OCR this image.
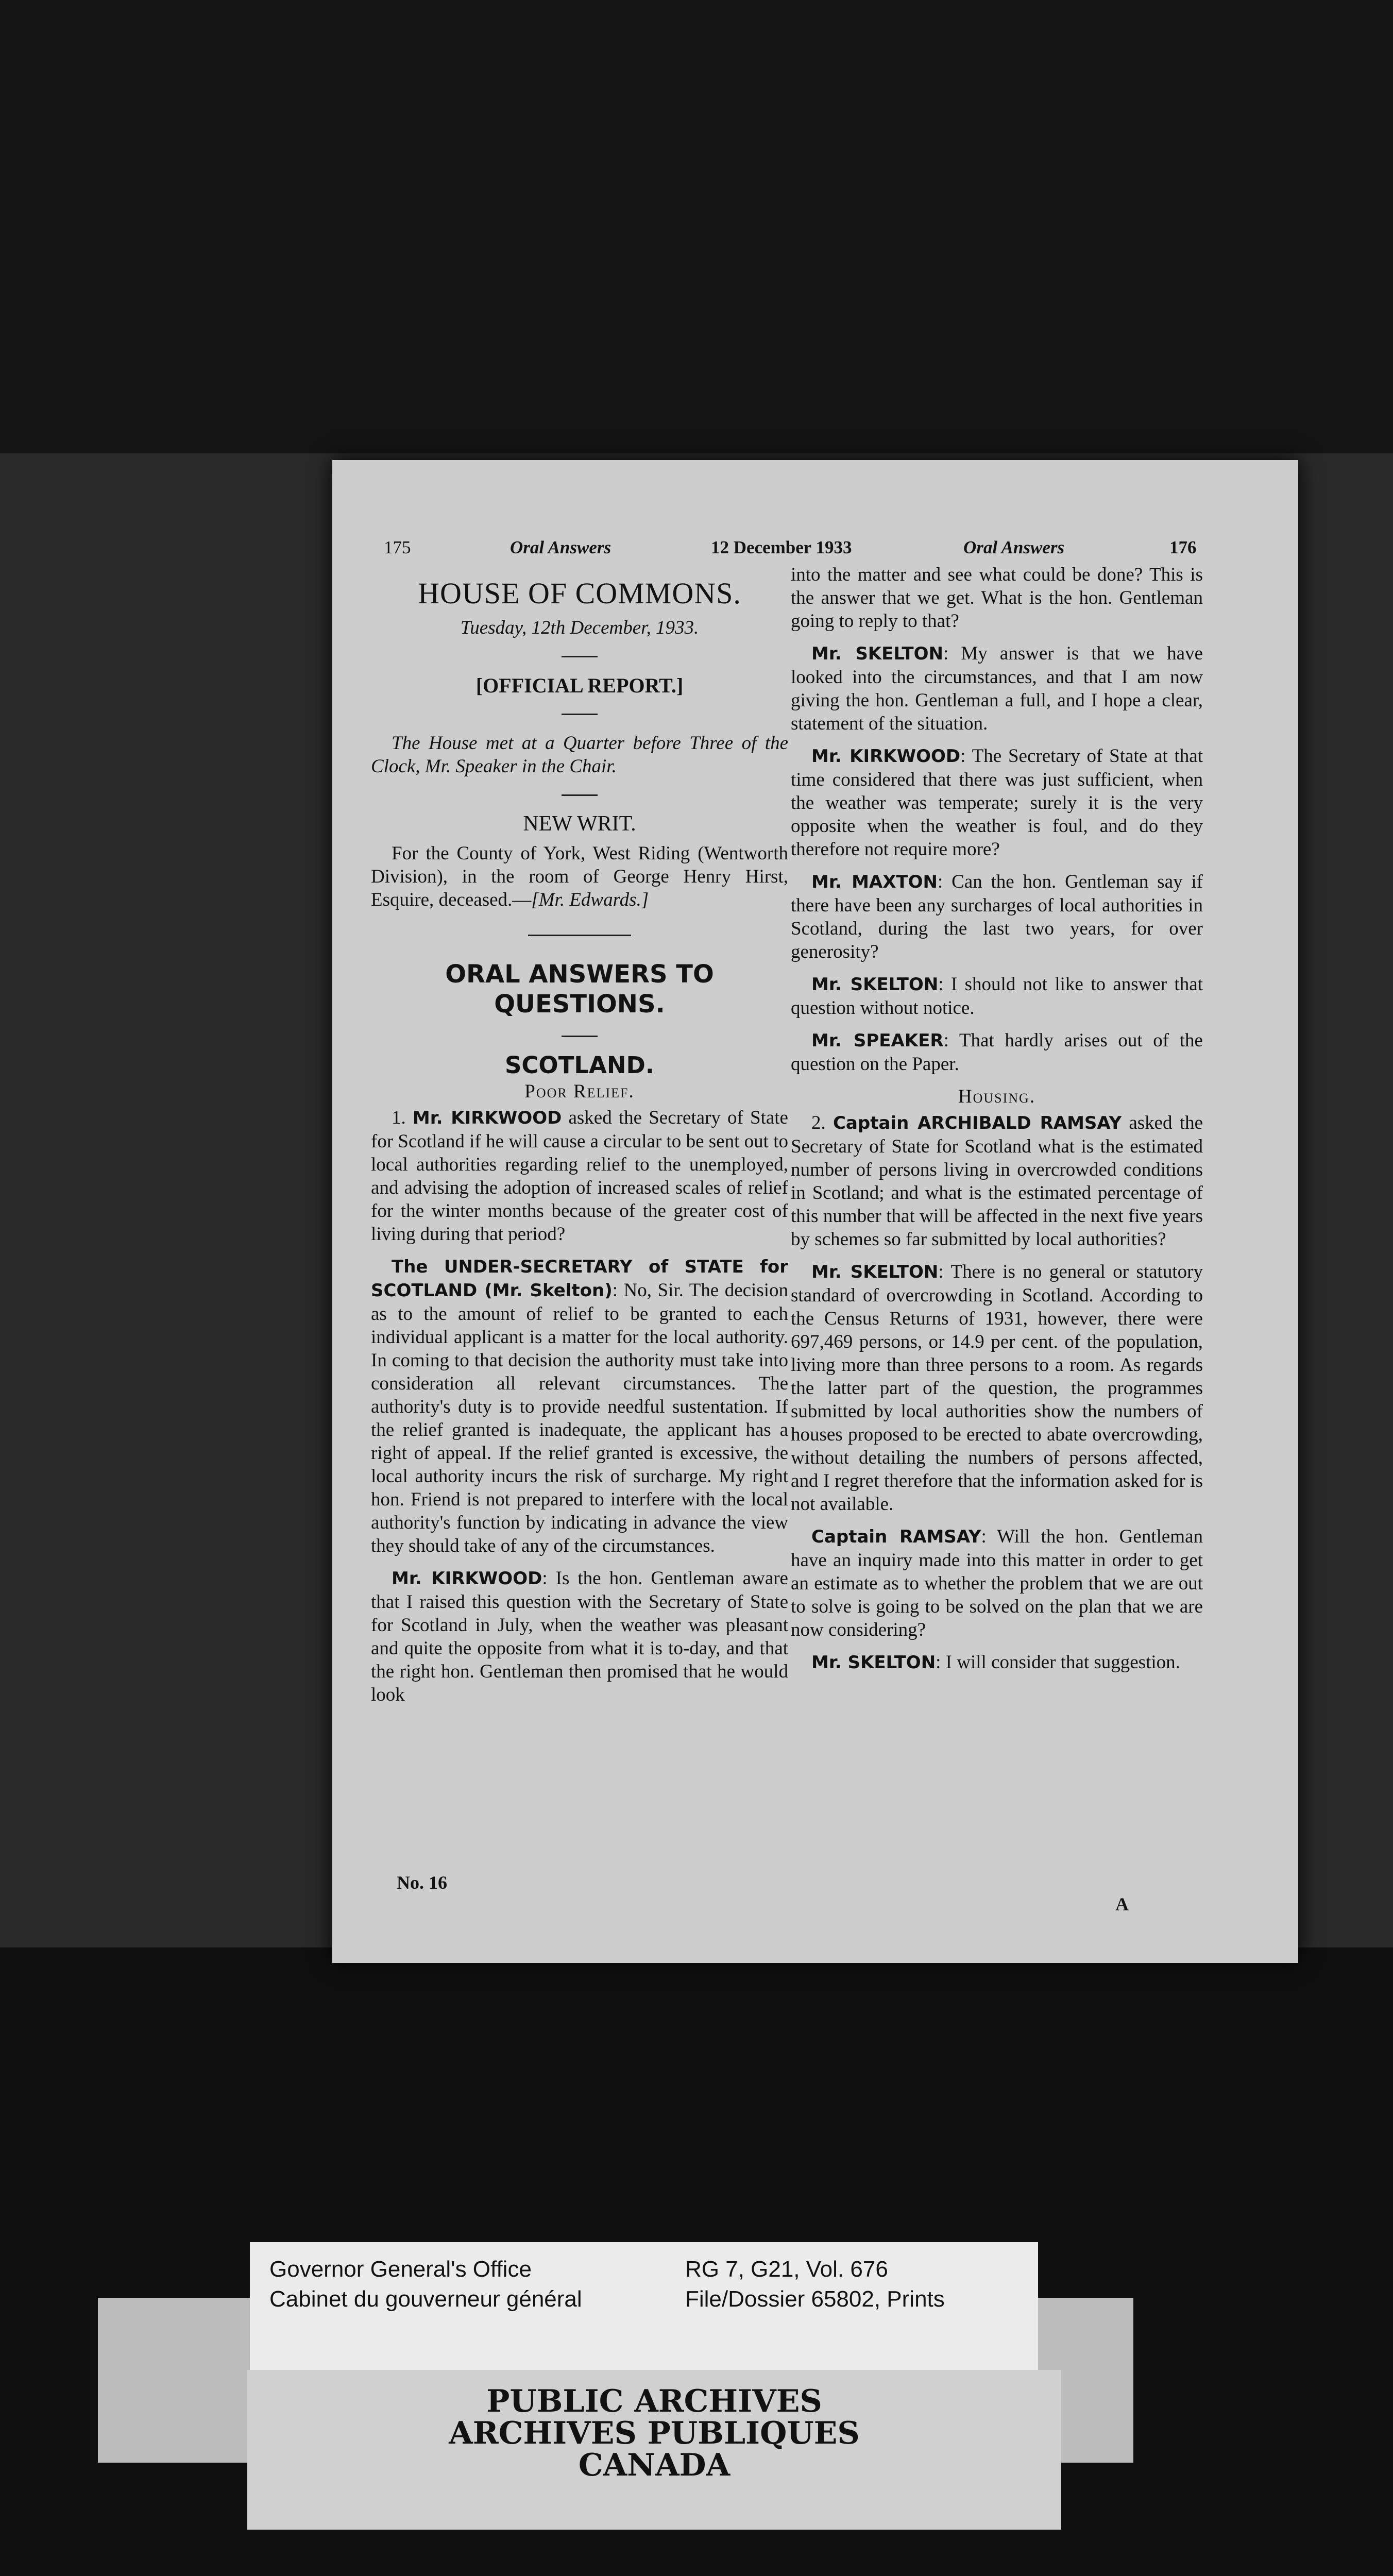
175	Oral Answers	12 December 1933	Oral Answers	176
HOUSE OF COMMONS.

Tuesday, 12th December, 1933.

[OFFICIAL REPORT.]

The House met at a Quarter before Three of the Clock, Mr. Speaker in the Chair.

NEW WRIT.

For the County of York, West Riding (Wentworth Division), in the room of George Henry Hirst, Esquire, deceased.—[Mr. Edwards.]

ORAL ANSWERS TO QUESTIONS.

SCOTLAND.

Poor Relief.

1. Mr. KIRKWOOD asked the Secretary of State for Scotland if he will cause a circular to be sent out to local authorities regarding relief to the unemployed, and advising the adoption of increased scales of relief for the winter months because of the greater cost of living during that period?

The UNDER-SECRETARY of STATE for SCOTLAND (Mr. Skelton): No, Sir. The decision as to the amount of relief to be granted to each individual applicant is a matter for the local authority. In coming to that decision the authority must take into consideration all relevant circumstances. The authority's duty is to provide needful sustentation. If the relief granted is inadequate, the applicant has a right of appeal. If the relief granted is excessive, the local authority incurs the risk of surcharge. My right hon. Friend is not prepared to interfere with the local authority's function by indicating in advance the view they should take of any of the circumstances.

Mr. KIRKWOOD: Is the hon. Gentleman aware that I raised this question with the Secretary of State for Scotland in July, when the weather was pleasant and quite the opposite from what it is to-day, and that the right hon. Gentleman then promised that he would look

No. 16

into the matter and see what could be done? This is the answer that we get. What is the hon. Gentleman going to reply to that?

Mr. SKELTON: My answer is that we have looked into the circumstances, and that I am now giving the hon. Gentleman a full, and I hope a clear, statement of the situation.

Mr. KIRKWOOD: The Secretary of State at that time considered that there was just sufficient, when the weather was temperate; surely it is the very opposite when the weather is foul, and do they therefore not require more?

Mr. MAXTON: Can the hon. Gentleman say if there have been any surcharges of local authorities in Scotland, during the last two years, for over generosity?

Mr. SKELTON: I should not like to answer that question without notice.

Mr. SPEAKER: That hardly arises out of the question on the Paper.

Housing.

2. Captain ARCHIBALD RAMSAY asked the Secretary of State for Scotland what is the estimated number of persons living in overcrowded conditions in Scotland; and what is the estimated percentage of this number that will be affected in the next five years by schemes so far submitted by local authorities?

Mr. SKELTON: There is no general or statutory standard of overcrowding in Scotland. According to the Census Returns of 1931, however, there were 697,469 persons, or 14.9 per cent. of the population, living more than three persons to a room. As regards the latter part of the question, the programmes submitted by local authorities show the numbers of houses proposed to be erected to abate overcrowding, without detailing the numbers of persons affected, and I regret therefore that the information asked for is not available.

Captain RAMSAY: Will the hon. Gentleman have an inquiry made into this matter in order to get an estimate as to whether the problem that we are out to solve is going to be solved on the plan that we are now considering?

Mr. SKELTON: I will consider that suggestion.

A
Governor General's Office
Cabinet du gouverneur général
RG 7, G21, Vol. 676
File/Dossier 65802, Prints
PUBLIC ARCHIVES
ARCHIVES PUBLIQUES
CANADA
